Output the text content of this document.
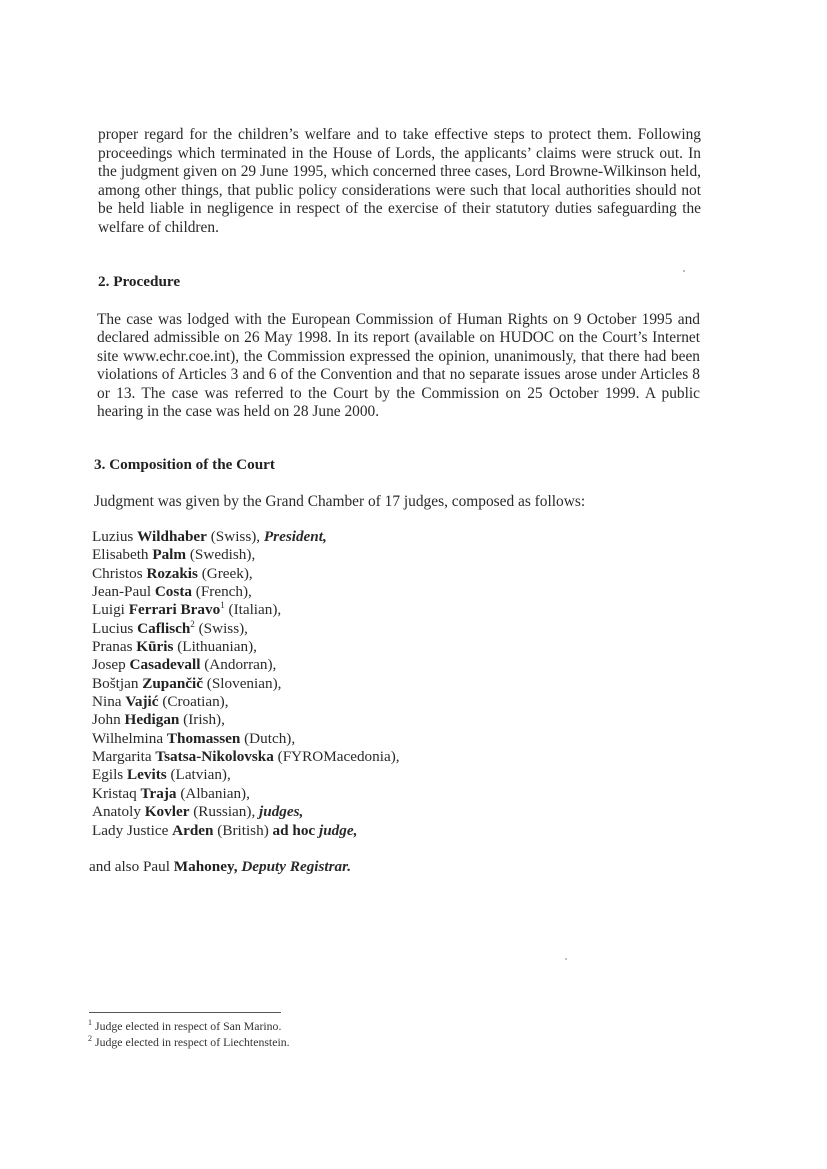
proper regard for the children’s welfare and to take effective steps to protect them. Following proceedings which terminated in the House of Lords, the applicants’ claims were struck out. In the judgment given on 29 June 1995, which concerned three cases, Lord Browne-Wilkinson held, among other things, that public policy considerations were such that local authorities should not be held liable in negligence in respect of the exercise of their statutory duties safeguarding the welfare of children.
2. Procedure
The case was lodged with the European Commission of Human Rights on 9 October 1995 and declared admissible on 26 May 1998. In its report (available on HUDOC on the Court’s Internet site www.echr.coe.int), the Commission expressed the opinion, unanimously, that there had been violations of Articles 3 and 6 of the Convention and that no separate issues arose under Articles 8 or 13. The case was referred to the Court by the Commission on 25 October 1999. A public hearing in the case was held on 28 June 2000.
3. Composition of the Court
Judgment was given by the Grand Chamber of 17 judges, composed as follows:
Luzius Wildhaber (Swiss), President,
Elisabeth Palm (Swedish),
Christos Rozakis (Greek),
Jean-Paul Costa (French),
Luigi Ferrari Bravo$^1$ (Italian),
Lucius Caflisch$^2$ (Swiss),
Pranas Kūris (Lithuanian),
Josep Casadevall (Andorran),
Boštjan Zupančič (Slovenian),
Nina Vajić (Croatian),
John Hedigan (Irish),
Wilhelmina Thomassen (Dutch),
Margarita Tsatsa-Nikolovska (FYROMacedonia),
Egils Levits (Latvian),
Kristaq Traja (Albanian),
Anatoly Kovler (Russian), judges,
Lady Justice Arden (British) ad hoc judge,
and also Paul Mahoney, Deputy Registrar.
$^1$ Judge elected in respect of San Marino.
$^2$ Judge elected in respect of Liechtenstein.
